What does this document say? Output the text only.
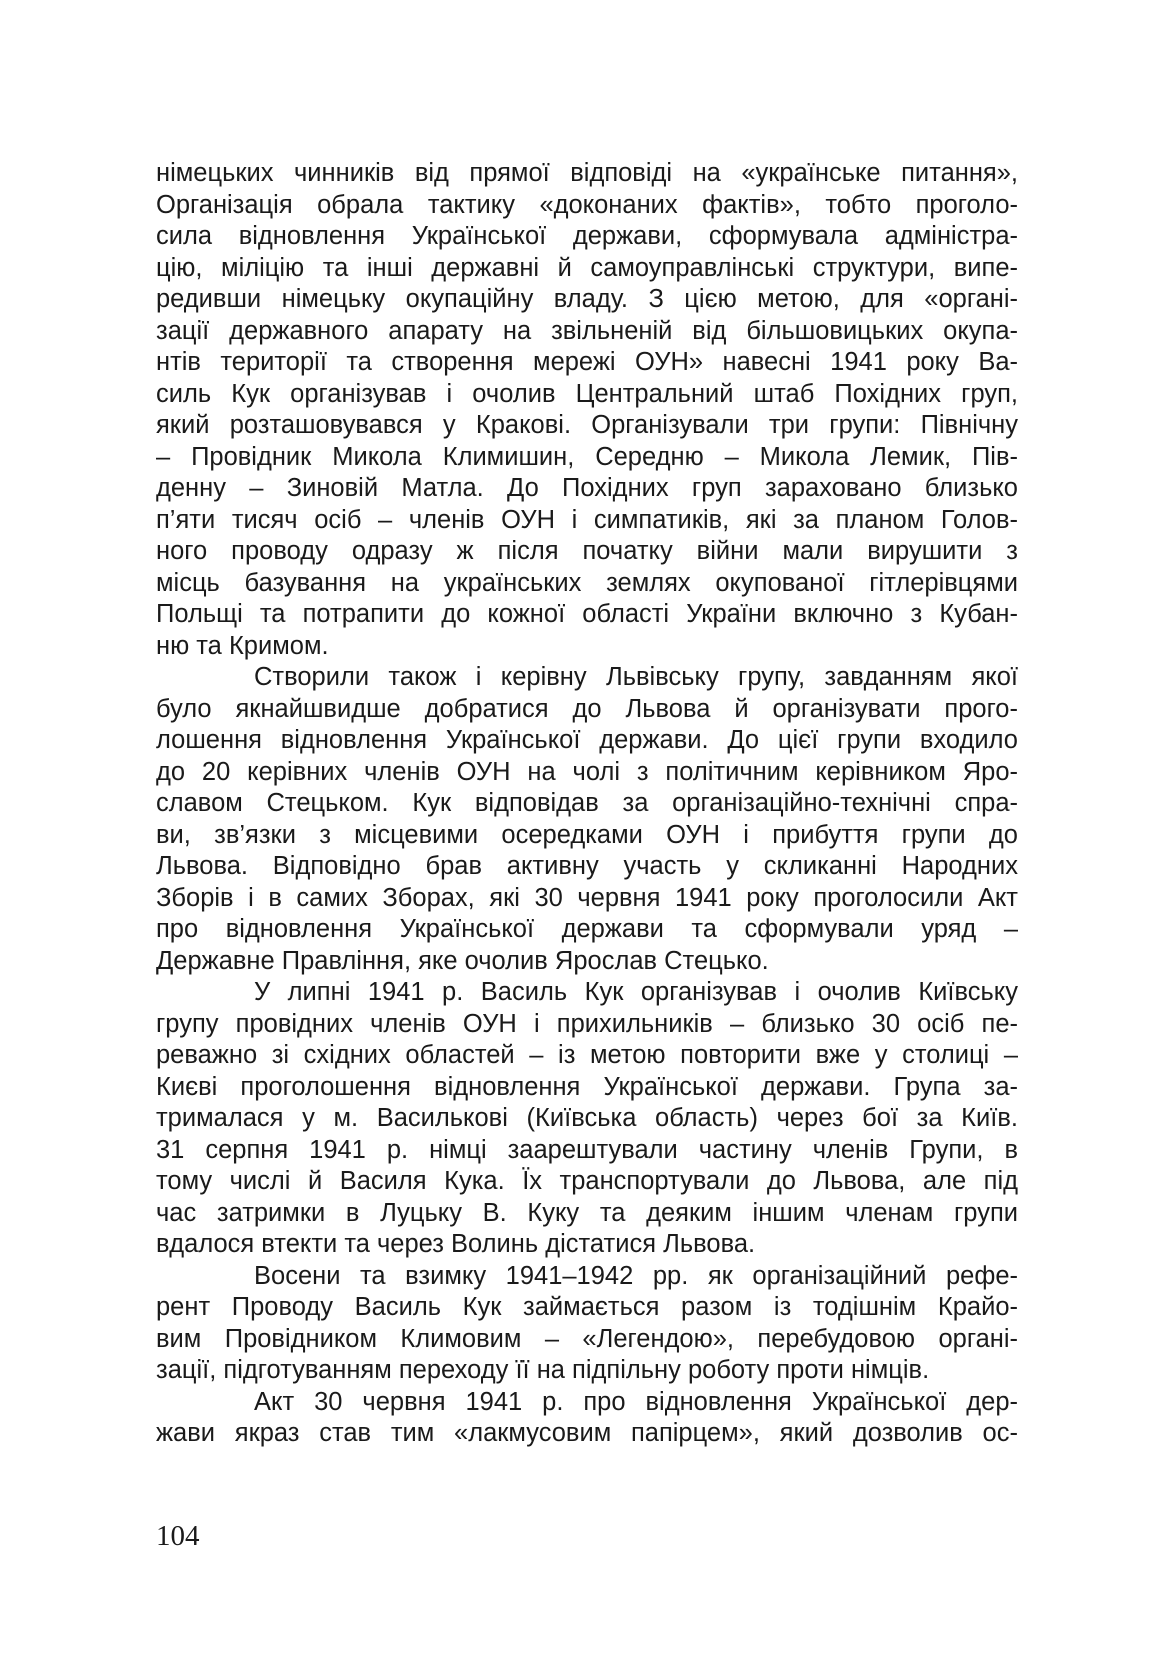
німецьких чинників від прямої відповіді на «українське питання»,
Організація обрала тактику «доконаних фактів», тобто проголо-
сила відновлення Української держави, сформувала адміністра-
цію, міліцію та інші державні й самоуправлінські структури, випе-
редивши німецьку окупаційну владу. З цією метою, для «органі-
зації державного апарату на звільненій від більшовицьких окупа-
нтів території та створення мережі ОУН» навесні 1941 року Ва-
силь Кук організував і очолив Центральний штаб Похідних груп,
який розташовувався у Кракові. Організували три групи: Північну
– Провідник Микола Климишин, Середню – Микола Лемик, Пів-
денну – Зиновій Матла. До Похідних груп зараховано близько
п’яти тисяч осіб – членів ОУН і симпатиків, які за планом Голов-
ного проводу одразу ж після початку війни мали вирушити з
місць базування на українських землях окупованої гітлерівцями
Польщі та потрапити до кожної області України включно з Кубан-
ню та Кримом.
Створили також і керівну Львівську групу, завданням якої
було якнайшвидше добратися до Львова й організувати прого-
лошення відновлення Української держави. До цієї групи входило
до 20 керівних членів ОУН на чолі з політичним керівником Яро-
славом Стецьком. Кук відповідав за організаційно-технічні спра-
ви, зв’язки з місцевими осередками ОУН і прибуття групи до
Львова. Відповідно брав активну участь у скликанні Народних
Зборів і в самих Зборах, які 30 червня 1941 року проголосили Акт
про відновлення Української держави та сформували уряд –
Державне Правління, яке очолив Ярослав Стецько.
У липні 1941 р. Василь Кук організував і очолив Київську
групу провідних членів ОУН і прихильників – близько 30 осіб пе-
реважно зі східних областей – із метою повторити вже у столиці –
Києві проголошення відновлення Української держави. Група за-
трималася у м. Василькові (Київська область) через бої за Київ.
31 серпня 1941 р. німці заарештували частину членів Групи, в
тому числі й Василя Кука. Їх транспортували до Львова, але під
час затримки в Луцьку В. Куку та деяким іншим членам групи
вдалося втекти та через Волинь дістатися Львова.
Восени та взимку 1941–1942 рр. як організаційний рефе-
рент Проводу Василь Кук займається разом із тодішнім Крайо-
вим Провідником Климовим – «Легендою», перебудовою органі-
зації, підготуванням переходу її на підпільну роботу проти німців.
Акт 30 червня 1941 р. про відновлення Української дер-
жави якраз став тим «лакмусовим папірцем», який дозволив ос-
104
